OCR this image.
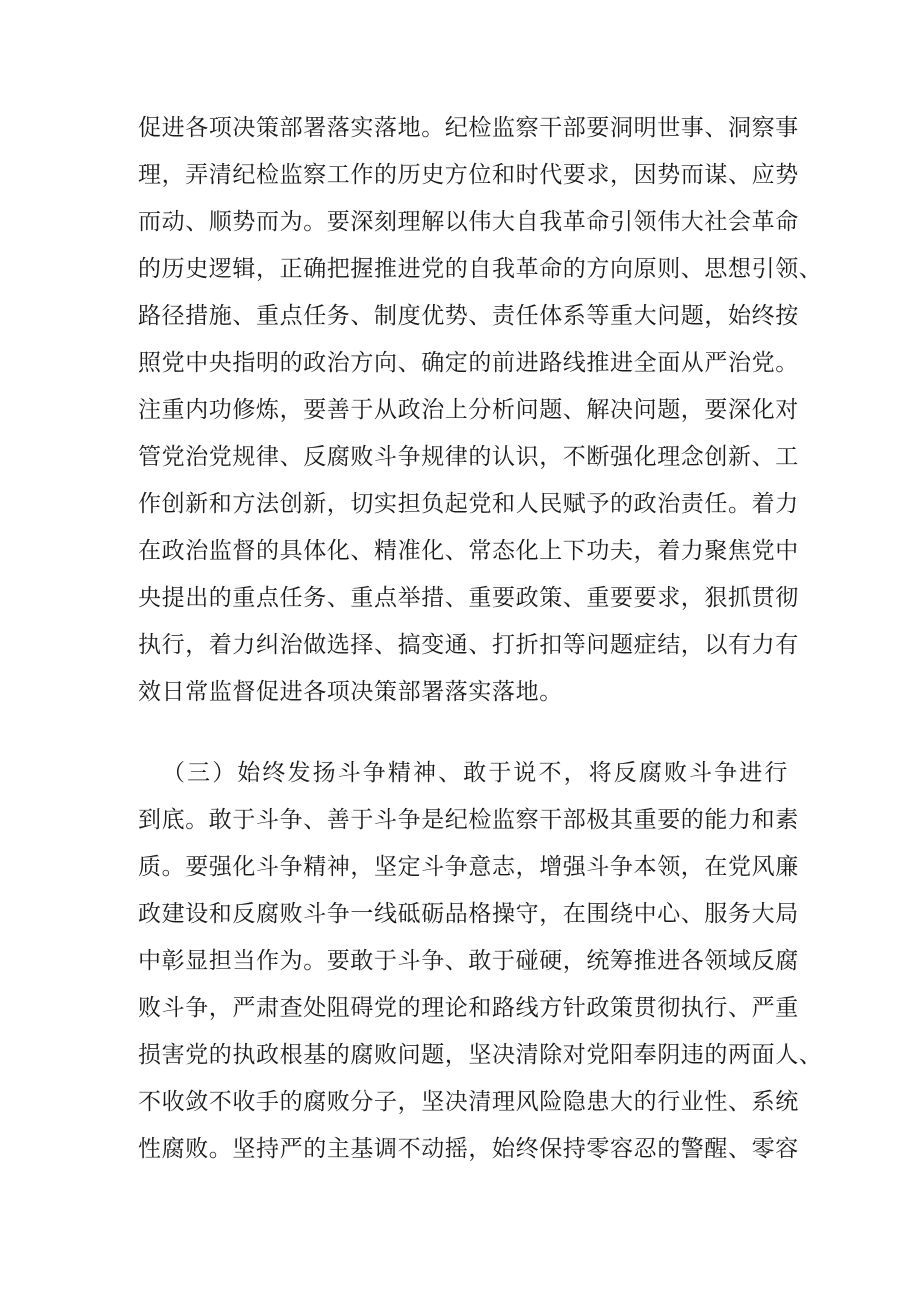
促进各项决策部署落实落地。纪检监察干部要洞明世事、洞察事
理，弄清纪检监察工作的历史方位和时代要求，因势而谋、应势
而动、顺势而为。要深刻理解以伟大自我革命引领伟大社会革命
的历史逻辑，正确把握推进党的自我革命的方向原则、思想引领、
路径措施、重点任务、制度优势、责任体系等重大问题，始终按
照党中央指明的政治方向、确定的前进路线推进全面从严治党。
注重内功修炼，要善于从政治上分析问题、解决问题，要深化对
管党治党规律、反腐败斗争规律的认识，不断强化理念创新、工
作创新和方法创新，切实担负起党和人民赋予的政治责任。着力
在政治监督的具体化、精准化、常态化上下功夫，着力聚焦党中
央提出的重点任务、重点举措、重要政策、重要要求，狠抓贯彻
执行，着力纠治做选择、搞变通、打折扣等问题症结，以有力有
效日常监督促进各项决策部署落实落地。
（三）始终发扬斗争精神、敢于说不，将反腐败斗争进行
到底。敢于斗争、善于斗争是纪检监察干部极其重要的能力和素
质。要强化斗争精神，坚定斗争意志，增强斗争本领，在党风廉
政建设和反腐败斗争一线砥砺品格操守，在围绕中心、服务大局
中彰显担当作为。要敢于斗争、敢于碰硬，统筹推进各领域反腐
败斗争，严肃查处阻碍党的理论和路线方针政策贯彻执行、严重
损害党的执政根基的腐败问题，坚决清除对党阳奉阴违的两面人、
不收敛不收手的腐败分子，坚决清理风险隐患大的行业性、系统
性腐败。坚持严的主基调不动摇，始终保持零容忍的警醒、零容
